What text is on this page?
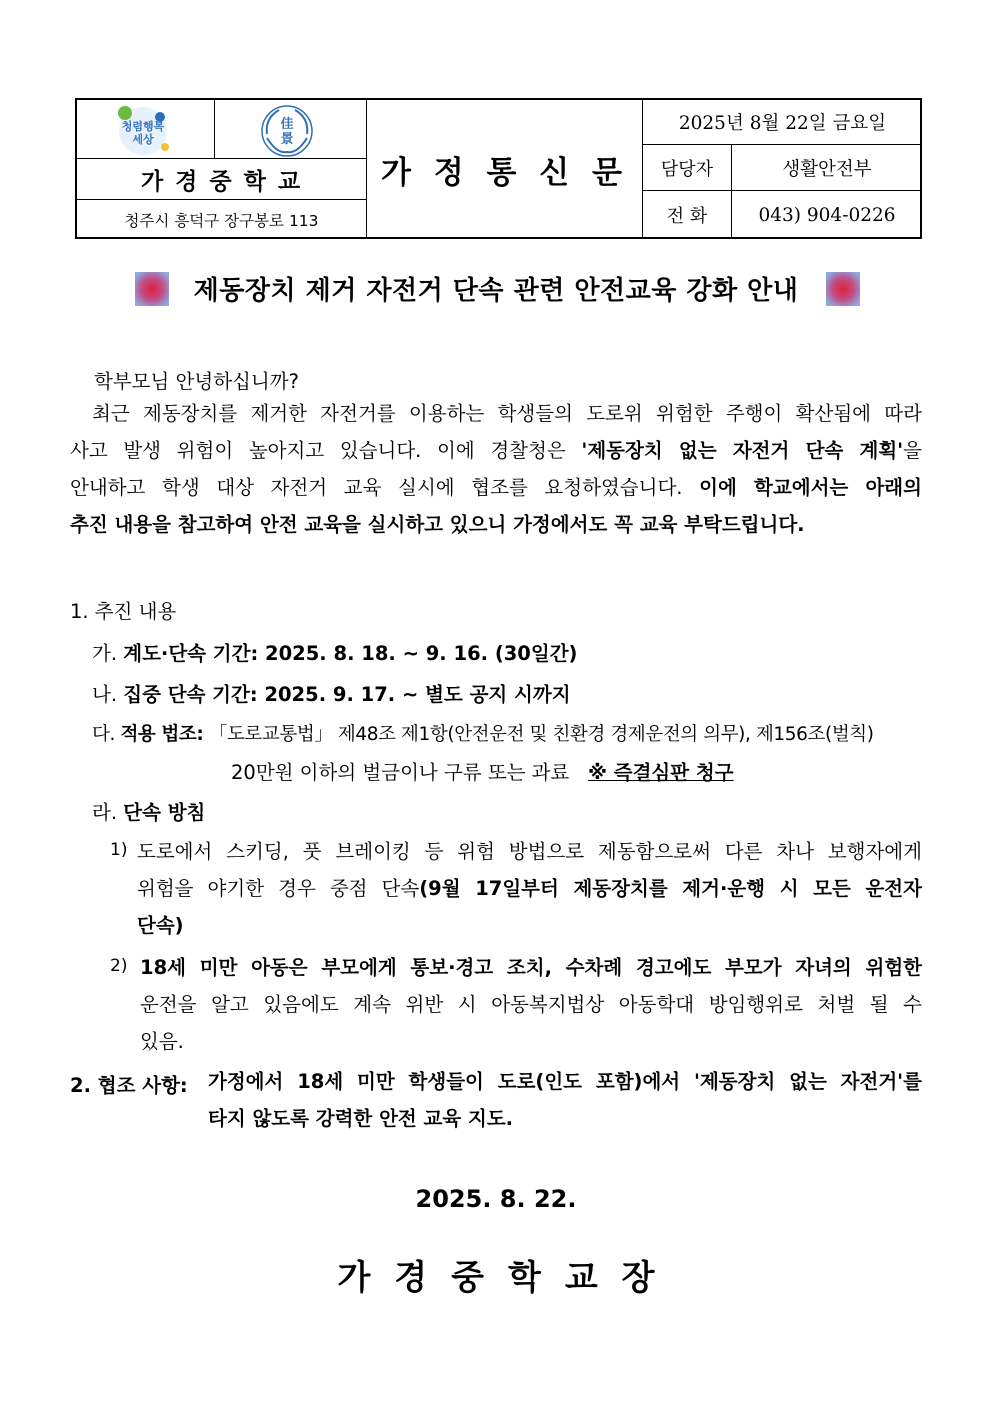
청렴행복
세상
佳
景
가 경 중 학 교
청주시 흥덕구 장구봉로 113
가 정 통 신 문
2025년 8월 22일 금요일
담당자	생활안전부
전 화	043) 904-0226
제동장치 제거 자전거 단속 관련 안전교육 강화 안내
학부모님 안녕하십니까?
최근 제동장치를 제거한 자전거를 이용하는 학생들의 도로위 위험한 주행이 확산됨에 따라
사고 발생 위험이 높아지고 있습니다. 이에 경찰청은 '제동장치 없는 자전거 단속 계획'을
안내하고 학생 대상 자전거 교육 실시에 협조를 요청하였습니다. 이에 학교에서는 아래의
추진 내용을 참고하여 안전 교육을 실시하고 있으니 가정에서도 꼭 교육 부탁드립니다.
1. 추진 내용
가. 계도·단속 기간: 2025. 8. 18. ~ 9. 16. (30일간)
나. 집중 단속 기간: 2025. 9. 17. ~ 별도 공지 시까지
다. 적용 법조: 「도로교통법」 제48조 제1항(안전운전 및 친환경 경제운전의 의무), 제156조(벌칙)
20만원 이하의 벌금이나 구류 또는 과료 ※ 즉결심판 청구
라. 단속 방침
1) 도로에서 스키딩, 풋 브레이킹 등 위험 방법으로 제동함으로써 다른 차나 보행자에게
위험을 야기한 경우 중점 단속(9월 17일부터 제동장치를 제거·운행 시 모든 운전자
단속)
2) 18세 미만 아동은 부모에게 통보·경고 조치, 수차례 경고에도 부모가 자녀의 위험한
운전을 알고 있음에도 계속 위반 시 아동복지법상 아동학대 방임행위로 처벌 될 수
있음.
2. 협조 사항: 가정에서 18세 미만 학생들이 도로(인도 포함)에서 '제동장치 없는 자전거'를
타지 않도록 강력한 안전 교육 지도.
2025. 8. 22.
가경중학교장
